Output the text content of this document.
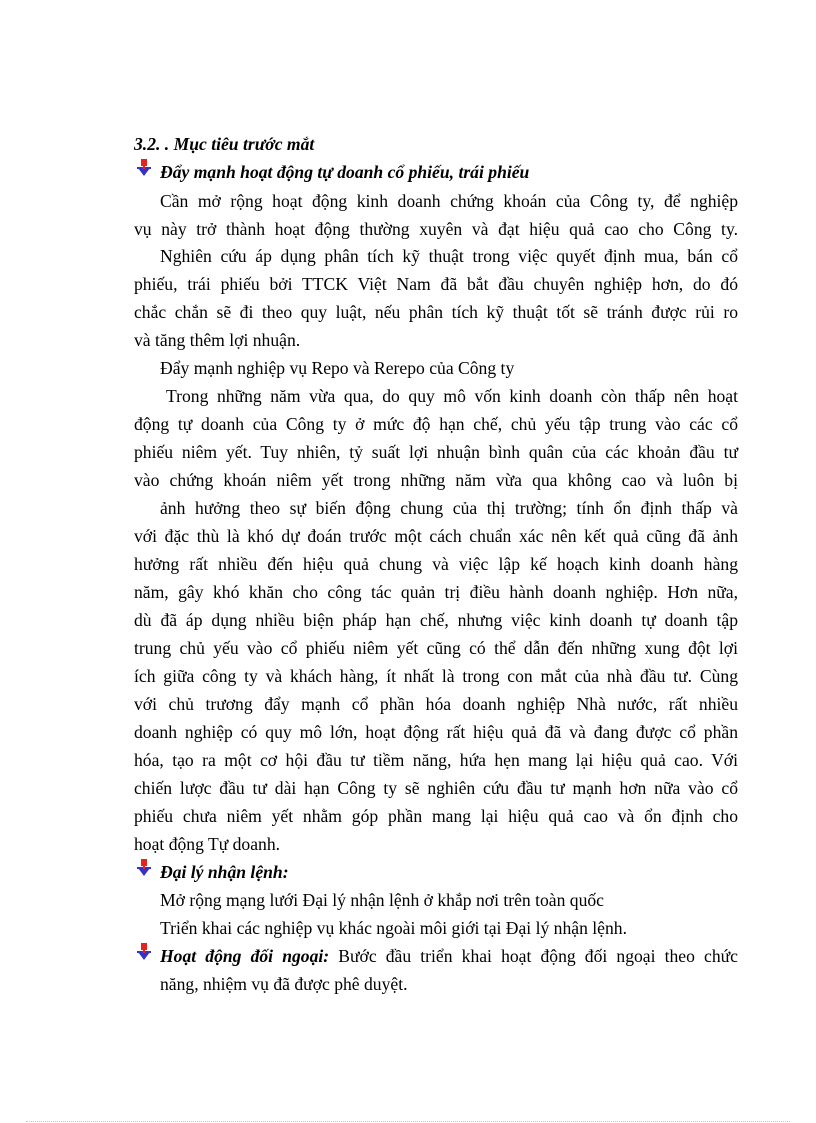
3.2. . Mục tiêu trước mắt
Đẩy mạnh hoạt động tự doanh cổ phiếu, trái phiếu
Cần mở rộng hoạt động kinh doanh chứng khoán của Công ty, để nghiệp
vụ này trở thành hoạt động thường xuyên và đạt hiệu quả cao cho Công ty.
Nghiên cứu áp dụng phân tích kỹ thuật trong việc quyết định mua, bán cổ
phiếu, trái phiếu bởi TTCK Việt Nam đã bắt đầu chuyên nghiệp hơn, do đó
chắc chắn sẽ đi theo quy luật, nếu phân tích kỹ thuật tốt sẽ tránh được rủi ro
và tăng thêm lợi nhuận.
Đẩy mạnh nghiệp vụ Repo và Rerepo của Công ty
Trong những năm vừa qua, do quy mô vốn kinh doanh còn thấp nên hoạt
động tự doanh của Công ty ở mức độ hạn chế, chủ yếu tập trung vào các cổ
phiếu niêm yết. Tuy nhiên, tỷ suất lợi nhuận bình quân của các khoản đầu tư
vào chứng khoán niêm yết trong những năm vừa qua không cao và luôn bị
ảnh hưởng theo sự biến động chung của thị trường; tính ổn định thấp và
với đặc thù là khó dự đoán trước một cách chuẩn xác nên kết quả cũng đã ảnh
hưởng rất nhiều đến hiệu quả chung và việc lập kế hoạch kinh doanh hàng
năm, gây khó khăn cho công tác quản trị điều hành doanh nghiệp. Hơn nữa,
dù đã áp dụng nhiều biện pháp hạn chế, nhưng việc kinh doanh tự doanh tập
trung chủ yếu vào cổ phiếu niêm yết cũng có thể dẫn đến những xung đột lợi
ích giữa công ty và khách hàng, ít nhất là trong con mắt của nhà đầu tư. Cùng
với chủ trương đẩy mạnh cổ phần hóa doanh nghiệp Nhà nước, rất nhiều
doanh nghiệp có quy mô lớn, hoạt động rất hiệu quả đã và đang được cổ phần
hóa, tạo ra một cơ hội đầu tư tiềm năng, hứa hẹn mang lại hiệu quả cao. Với
chiến lược đầu tư dài hạn Công ty sẽ nghiên cứu đầu tư mạnh hơn nữa vào cổ
phiếu chưa niêm yết nhằm góp phần mang lại hiệu quả cao và ổn định cho
hoạt động Tự doanh.
Đại lý nhận lệnh:
Mở rộng mạng lưới Đại lý nhận lệnh ở khắp nơi trên toàn quốc
Triển khai các nghiệp vụ khác ngoài môi giới tại Đại lý nhận lệnh.
Hoạt động đối ngoại: Bước đầu triển khai hoạt động đối ngoại theo chức
năng, nhiệm vụ đã được phê duyệt.
